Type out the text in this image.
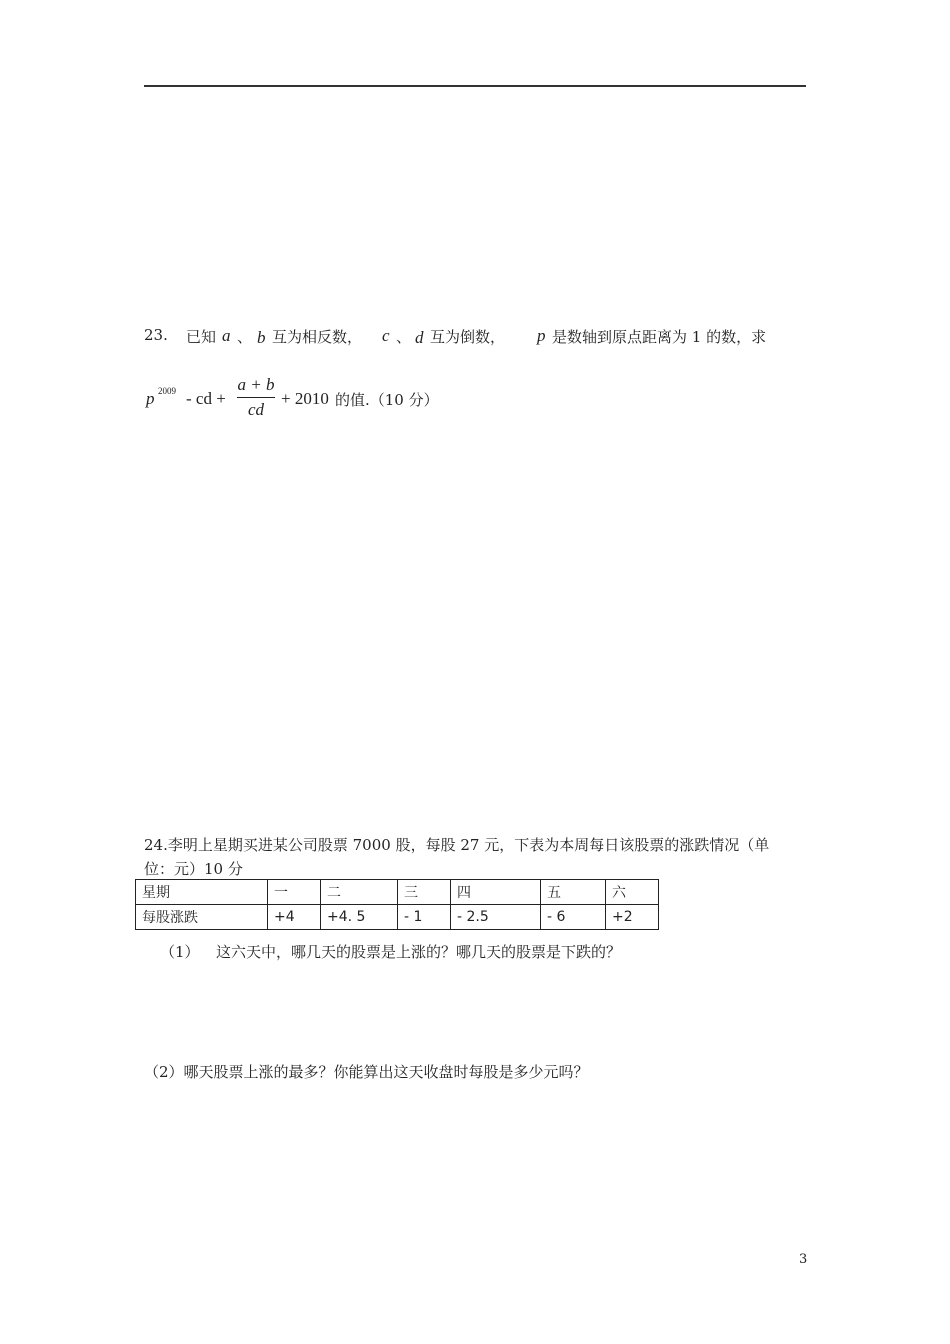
23. 已知 a 、 b 互为相反数， c 、 d 互为倒数， p 是数轴到原点距离为 1 的数，求
p 2009 - cd +
a + b
cd
+ 2010 的值.（10 分）
24.李明上星期买进某公司股票 7000 股，每股 27 元，下表为本周每日该股票的涨跌情况（单
位：元）10 分
星期	一	二	三	四	五	六
每股涨跌	+4	+4. 5	- 1	- 2.5	- 6	+2
（1） 这六天中，哪几天的股票是上涨的？哪几天的股票是下跌的？
（2）哪天股票上涨的最多？你能算出这天收盘时每股是多少元吗？
3
